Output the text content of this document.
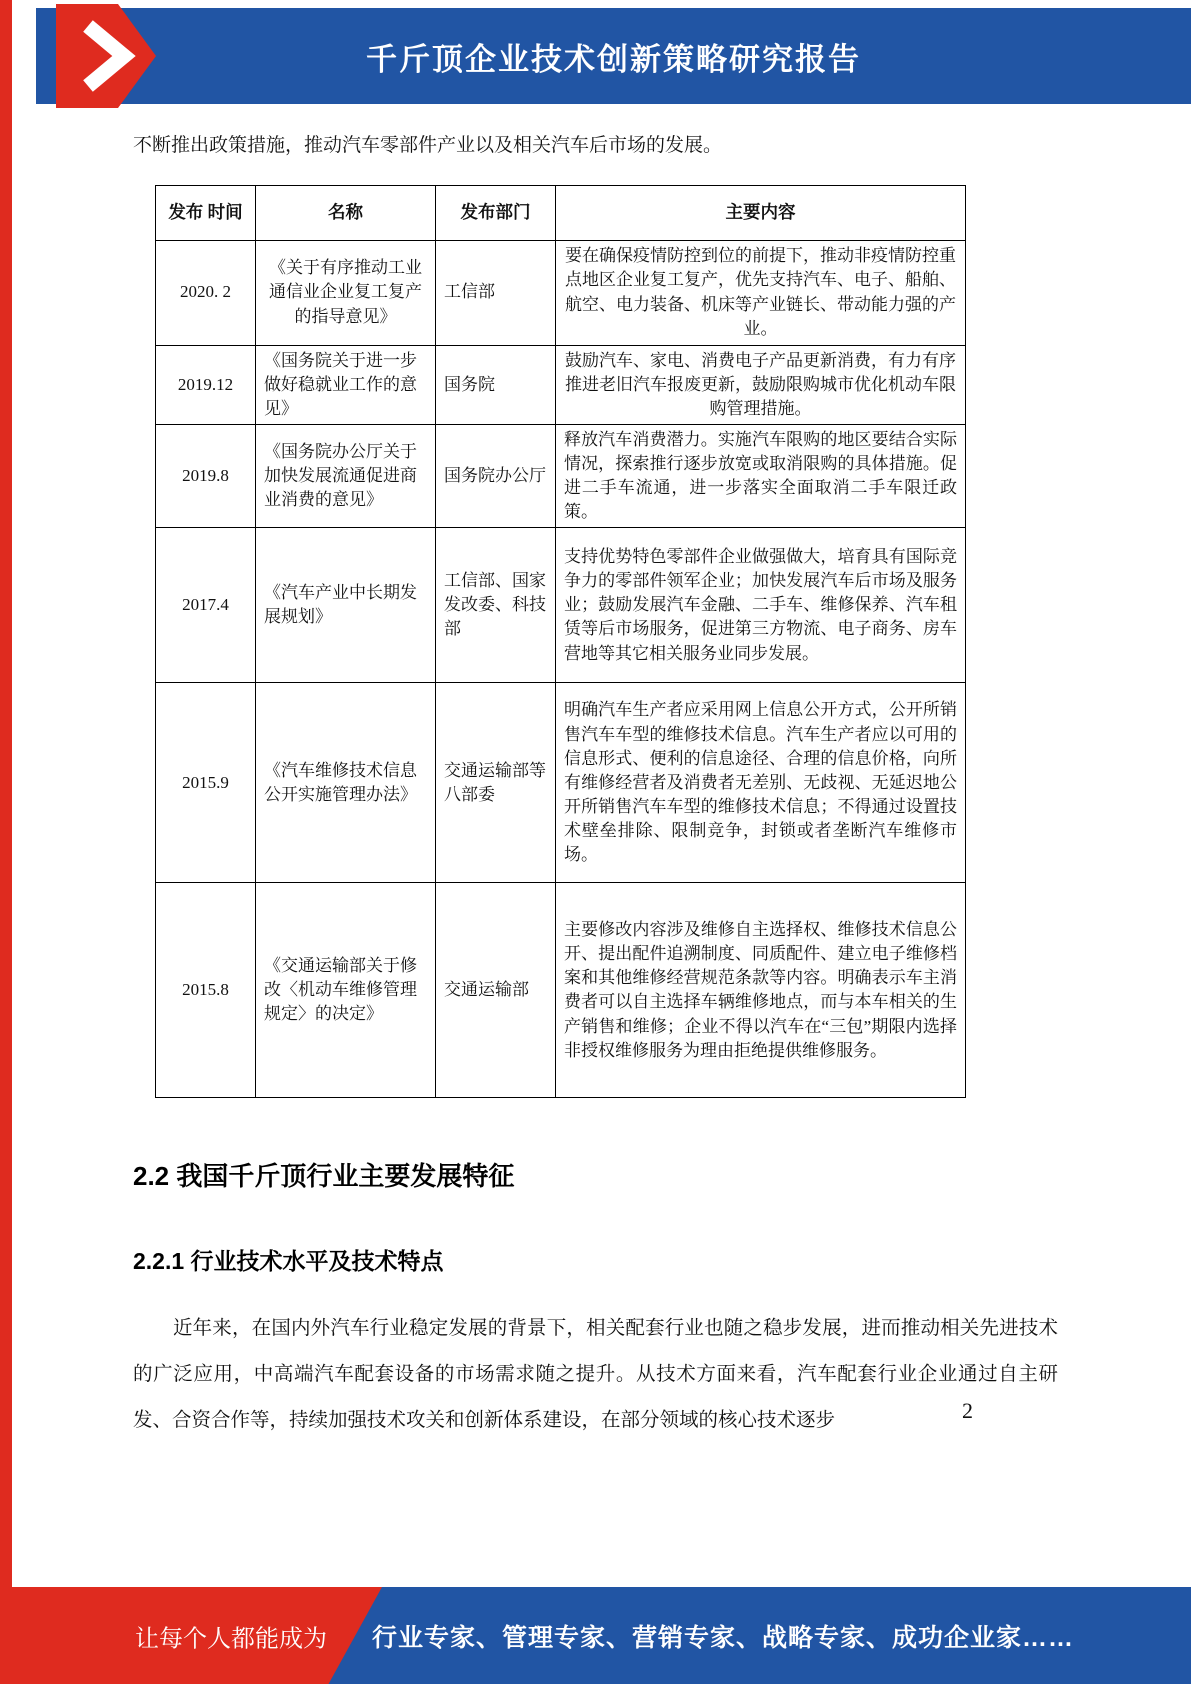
千斤顶企业技术创新策略研究报告

不断推出政策措施，推动汽车零部件产业以及相关汽车后市场的发展。

发布 时间	名称	发布部门	主要内容
2020. 2	《关于有序推动工业通信业企业复工复产的指导意见》	工信部	要在确保疫情防控到位的前提下，推动非疫情防控重点地区企业复工复产，优先支持汽车、电子、船舶、航空、电力装备、机床等产业链长、带动能力强的产业。
2019.12	《国务院关于进一步做好稳就业工作的意见》	国务院	鼓励汽车、家电、消费电子产品更新消费，有力有序推进老旧汽车报废更新，鼓励限购城市优化机动车限购管理措施。
2019.8	《国务院办公厅关于加快发展流通促进商业消费的意见》	国务院办公厅	释放汽车消费潜力。实施汽车限购的地区要结合实际情况，探索推行逐步放宽或取消限购的具体措施。促进二手车流通，进一步落实全面取消二手车限迁政策。
2017.4	《汽车产业中长期发展规划》	工信部、国家发改委、科技部	支持优势特色零部件企业做强做大，培育具有国际竞争力的零部件领军企业；加快发展汽车后市场及服务业；鼓励发展汽车金融、二手车、维修保养、汽车租赁等后市场服务，促进第三方物流、电子商务、房车营地等其它相关服务业同步发展。
2015.9	《汽车维修技术信息公开实施管理办法》	交通运输部等八部委	明确汽车生产者应采用网上信息公开方式，公开所销售汽车车型的维修技术信息。汽车生产者应以可用的信息形式、便利的信息途径、合理的信息价格，向所有维修经营者及消费者无差别、无歧视、无延迟地公开所销售汽车车型的维修技术信息；不得通过设置技术壁垒排除、限制竞争，封锁或者垄断汽车维修市场。
2015.8	《交通运输部关于修改〈机动车维修管理规定〉的决定》	交通运输部	主要修改内容涉及维修自主选择权、维修技术信息公开、提出配件追溯制度、同质配件、建立电子维修档案和其他维修经营规范条款等内容。明确表示车主消费者可以自主选择车辆维修地点，而与本车相关的生产销售和维修；企业不得以汽车在“三包”期限内选择非授权维修服务为理由拒绝提供维修服务。
2.2 我国千斤顶行业主要发展特征
2.2.1 行业技术水平及技术特点

近年来，在国内外汽车行业稳定发展的背景下，相关配套行业也随之稳步发展，进而推动相关先进技术的广泛应用，中高端汽车配套设备的市场需求随之提升。从技术方面来看，汽车配套行业企业通过自主研发、合资合作等，持续加强技术攻关和创新体系建设，在部分领域的核心技术逐步	2
让每个人都能成为 行业专家、管理专家、营销专家、战略专家、成功企业家……
